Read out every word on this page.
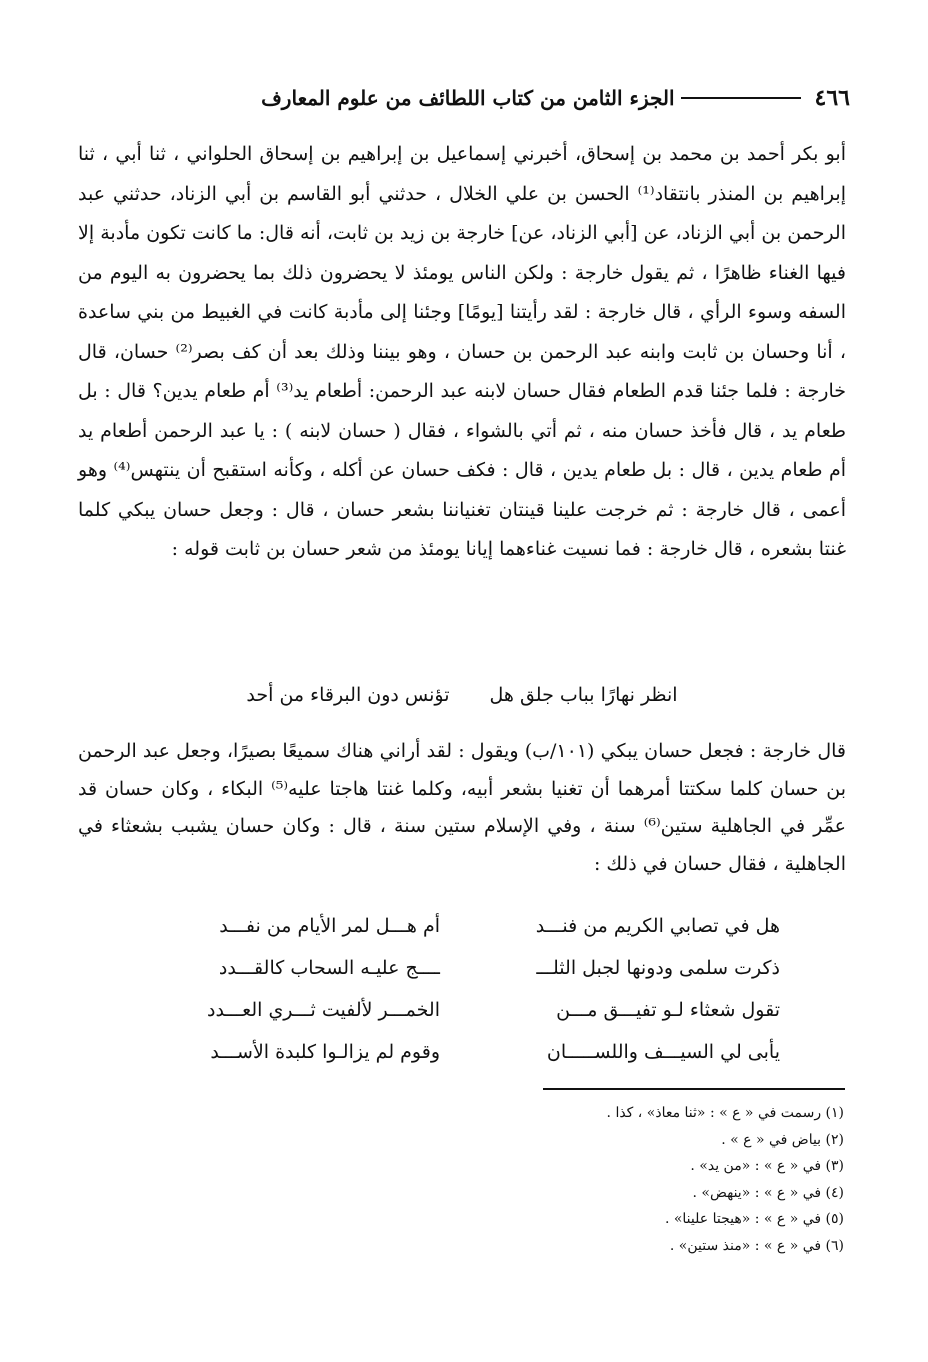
٤٦٦
الجزء الثامن من كتاب اللطائف من علوم المعارف

أبو بكر أحمد بن محمد بن إسحاق، أخبرني إسماعيل بن إبراهيم بن إسحاق الحلواني ، ثنا أبي ، ثنا إبراهيم بن المنذر بانتقاد⁽¹⁾ الحسن بن علي الخلال ، حدثني أبو القاسم بن أبي الزناد، حدثني عبد الرحمن بن أبي الزناد، عن [أبي الزناد، عن] خارجة بن زيد بن ثابت، أنه قال: ما كانت تكون مأدبة إلا فيها الغناء ظاهرًا ، ثم يقول خارجة : ولكن الناس يومئذ لا يحضرون ذلك بما يحضرون به اليوم من السفه وسوء الرأي ، قال خارجة : لقد رأيتنا [يومًا] وجئنا إلى مأدبة كانت في الغبيط من بني ساعدة ، أنا وحسان بن ثابت وابنه عبد الرحمن بن حسان ، وهو بيننا وذلك بعد أن كف بصر⁽²⁾ حسان، قال خارجة : فلما جئنا قدم الطعام فقال حسان لابنه عبد الرحمن: أطعام يد⁽³⁾ أم طعام يدين؟ قال : بل طعام يد ، قال فأخذ حسان منه ، ثم أتي بالشواء ، فقال ( حسان لابنه ) : يا عبد الرحمن أطعام يد أم طعام يدين ، قال : بل طعام يدين ، قال : فكف حسان عن أكله ، وكأنه استقبح أن ينتهس⁽⁴⁾ وهو أعمى ، قال خارجة : ثم خرجت علينا قينتان تغنياننا بشعر حسان ، قال : وجعل حسان يبكي كلما غنتا بشعره ، قال خارجة : فما نسيت غناءهما إيانا يومئذ من شعر حسان بن ثابت قوله :

انظر نهارًا بباب جلق هل
تؤنس دون البرقاء من أحد

قال خارجة : فجعل حسان يبكي (١٠١/ب) ويقول : لقد أراني هناك سميعًا بصيرًا، وجعل عبد الرحمن بن حسان كلما سكتتا أمرهما أن تغنيا بشعر أبيه، وكلما غنتا هاجتا عليه⁽⁵⁾ البكاء ، وكان حسان قد عمِّر في الجاهلية ستين⁽⁶⁾ سنة ، وفي الإسلام ستين سنة ، قال : وكان حسان يشبب بشعثاء في الجاهلية ، فقال حسان في ذلك :

هل في تصابي الكريم من فنـــد
أم هـــل لمر الأيام من نفـــد
ذكرت سلمى ودونها لجبل الثلـــ
ــــج عليـه السحاب كالقـــدد
تقول شعثاء لـو تفيـــق مـــن
الخمـــر لألفيت ثـــري العـــدد
يأبى لي السيـــف واللســـــان
وقوم لم يزالـوا كلبدة الأســـد
(١) رسمت في « ع » : «ثنا معاذ» ، كذا .
(٢) بياض في « ع » .
(٣) في « ع » : «من يد» .
(٤) في « ع » : «ينهض» .
(٥) في « ع » : «هيجتا علينا» .
(٦) في « ع » : «منذ ستين» .
